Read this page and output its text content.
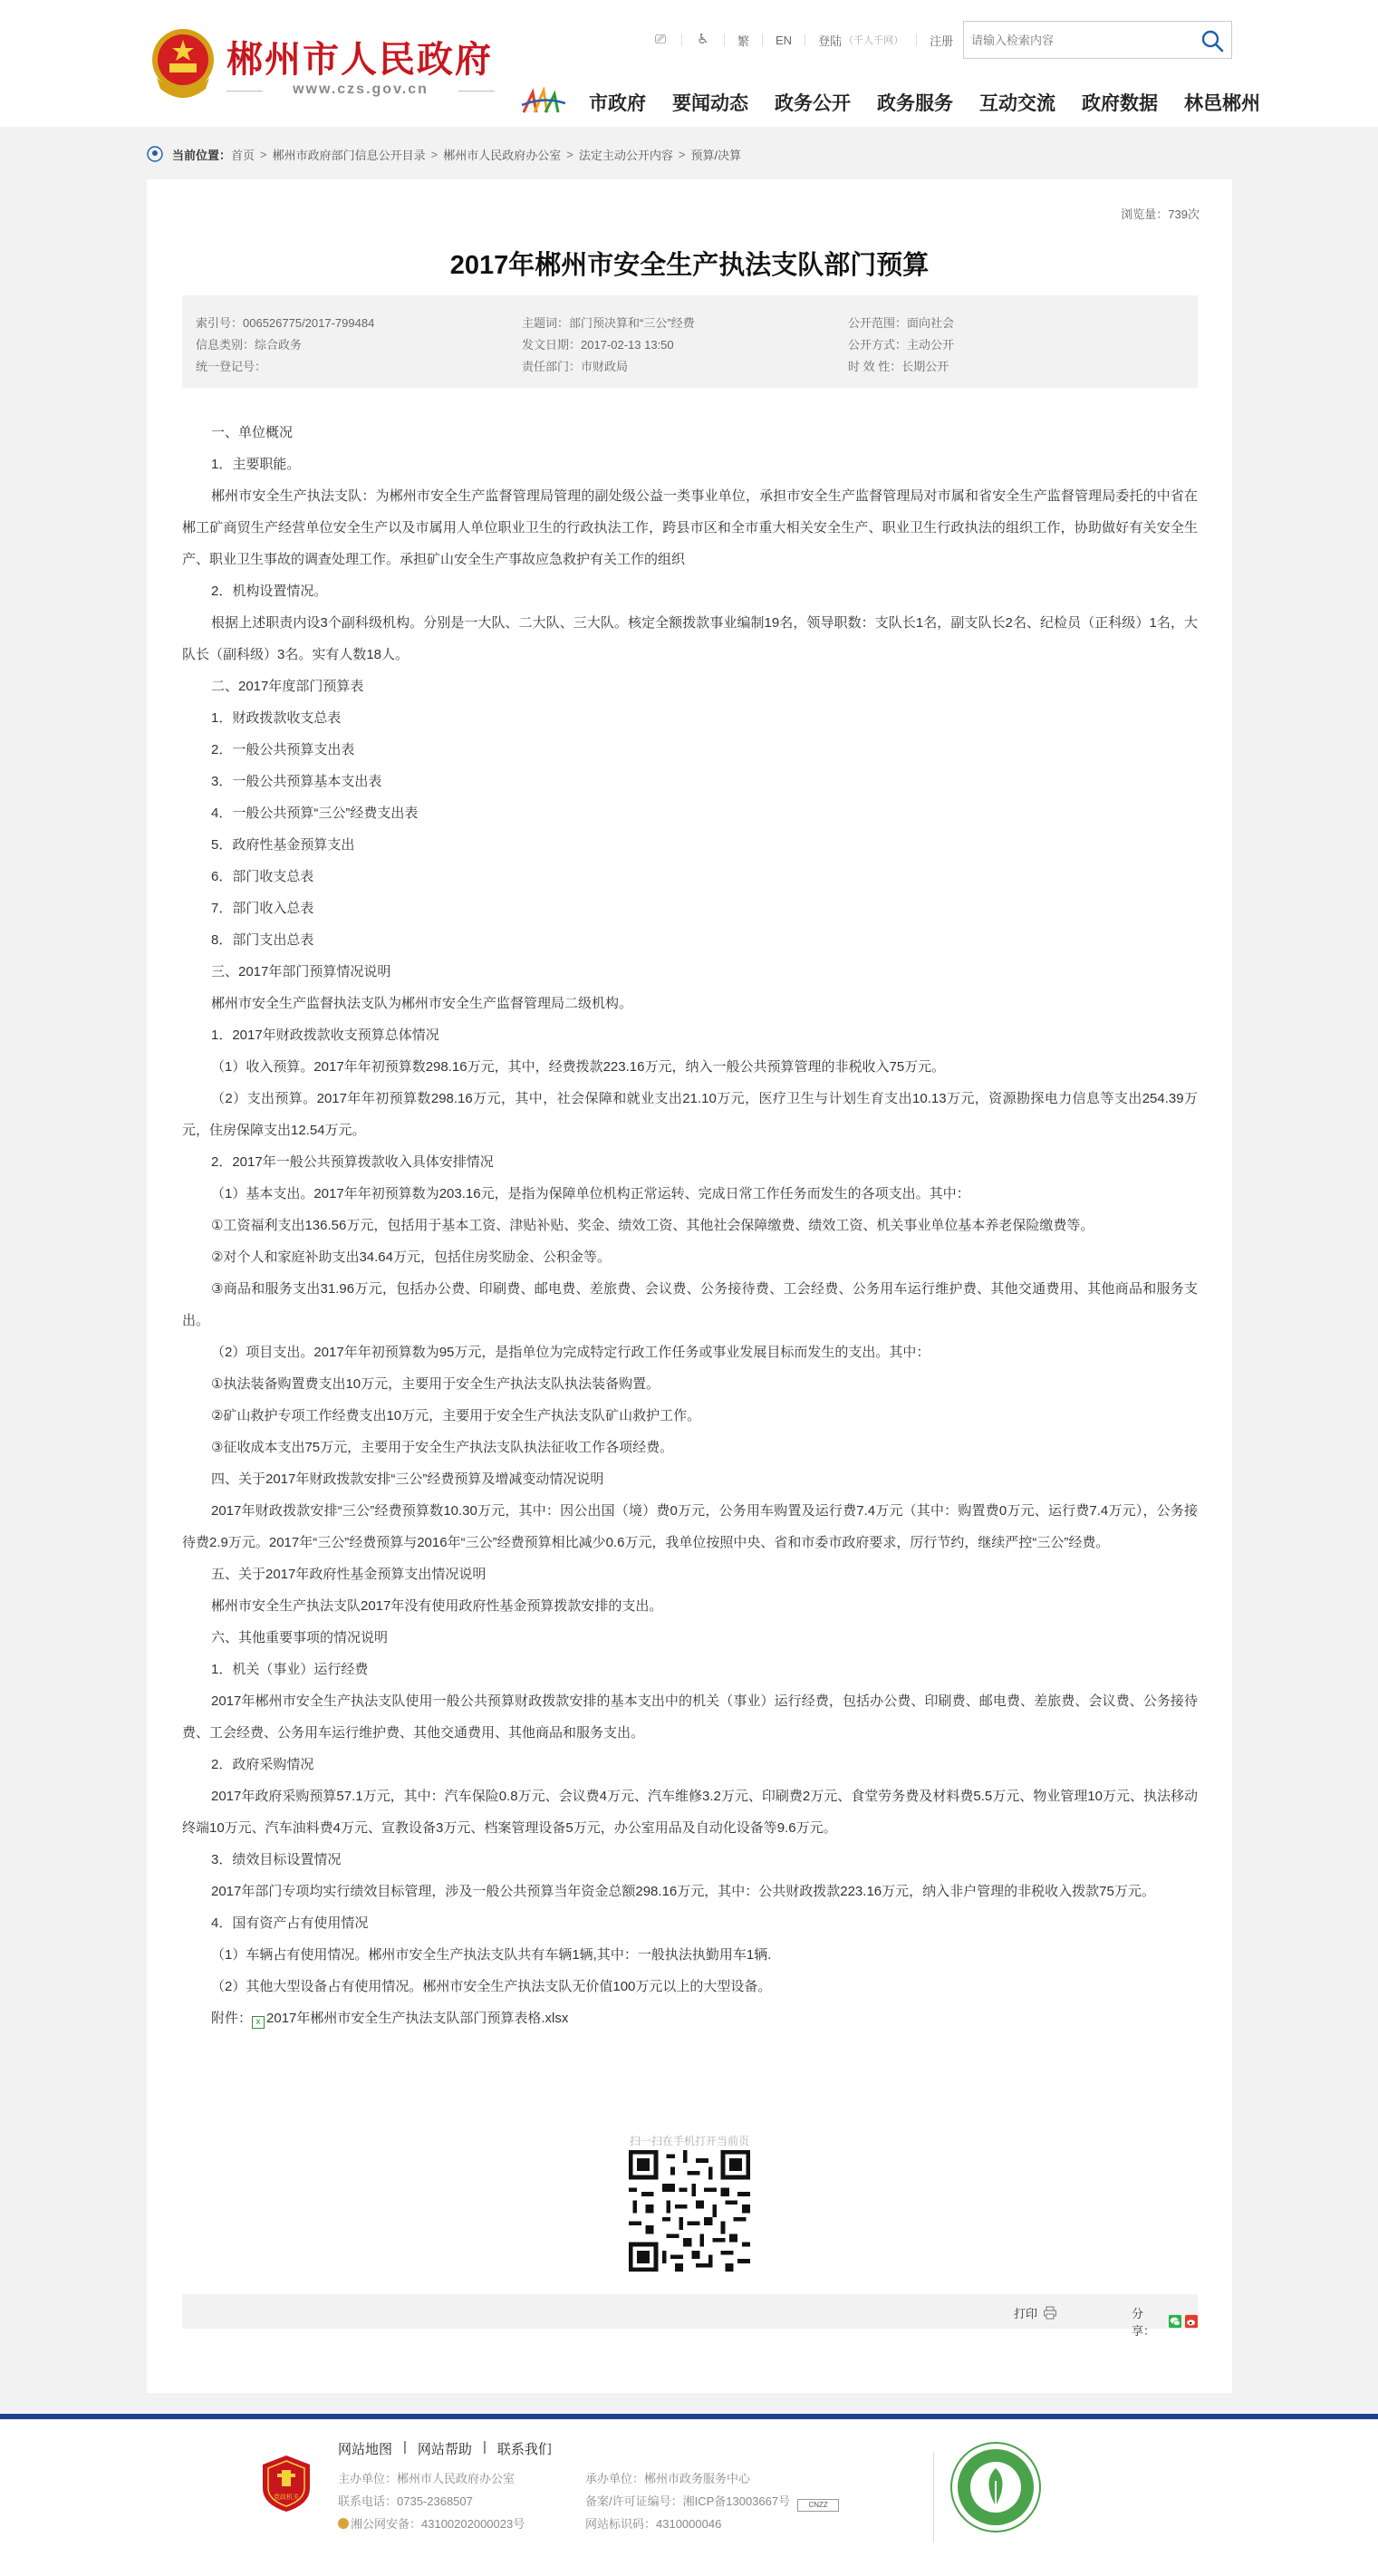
郴州市人民政府
www.czs.gov.cn
⎚ ♿ 繁 EN 登陆 （千人千网） 注册
请输入检索内容
市政府 要闻动态 政务公开 政务服务 互动交流 政府数据 林邑郴州
当前位置： 首页 > 郴州市政府部门信息公开目录 > 郴州市人民政府办公室 > 法定主动公开内容 > 预算/决算
浏览量：739次
2017年郴州市安全生产执法支队部门预算
索引号：006526775/2017-799484	主题词：部门预决算和“三公”经费	公开范围：面向社会
信息类别：综合政务	发文日期：2017-02-13 13:50	公开方式：主动公开
统一登记号：	责任部门：市财政局	时 效 性：长期公开

一、单位概况

1．主要职能。

郴州市安全生产执法支队：为郴州市安全生产监督管理局管理的副处级公益一类事业单位，承担市安全生产监督管理局对市属和省安全生产监督管理局委托的中省在郴工矿商贸生产经营单位安全生产以及市属用人单位职业卫生的行政执法工作，跨县市区和全市重大相关安全生产、职业卫生行政执法的组织工作，协助做好有关安全生产、职业卫生事故的调查处理工作。承担矿山安全生产事故应急救护有关工作的组织

2．机构设置情况。

根据上述职责内设3个副科级机构。分别是一大队、二大队、三大队。核定全额拨款事业编制19名，领导职数：支队长1名，副支队长2名、纪检员（正科级）1名，大队长（副科级）3名。实有人数18人。

二、2017年度部门预算表

1．财政拨款收支总表

2．一般公共预算支出表

3．一般公共预算基本支出表

4．一般公共预算“三公”经费支出表

5．政府性基金预算支出

6．部门收支总表

7．部门收入总表

8．部门支出总表

三、2017年部门预算情况说明

郴州市安全生产监督执法支队为郴州市安全生产监督管理局二级机构。

1．2017年财政拨款收支预算总体情况

（1）收入预算。2017年年初预算数298.16万元，其中，经费拨款223.16万元，纳入一般公共预算管理的非税收入75万元。

（2）支出预算。2017年年初预算数298.16万元，其中，社会保障和就业支出21.10万元，医疗卫生与计划生育支出10.13万元，资源勘探电力信息等支出254.39万元，住房保障支出12.54万元。

2．2017年一般公共预算拨款收入具体安排情况

（1）基本支出。2017年年初预算数为203.16元，是指为保障单位机构正常运转、完成日常工作任务而发生的各项支出。其中：

①工资福利支出136.56万元，包括用于基本工资、津贴补贴、奖金、绩效工资、其他社会保障缴费、绩效工资、机关事业单位基本养老保险缴费等。

②对个人和家庭补助支出34.64万元，包括住房奖励金、公积金等。

③商品和服务支出31.96万元，包括办公费、印刷费、邮电费、差旅费、会议费、公务接待费、工会经费、公务用车运行维护费、其他交通费用、其他商品和服务支出。

（2）项目支出。2017年年初预算数为95万元，是指单位为完成特定行政工作任务或事业发展目标而发生的支出。其中：

①执法装备购置费支出10万元，主要用于安全生产执法支队执法装备购置。

②矿山救护专项工作经费支出10万元，主要用于安全生产执法支队矿山救护工作。

③征收成本支出75万元，主要用于安全生产执法支队执法征收工作各项经费。

四、关于2017年财政拨款安排“三公”经费预算及增减变动情况说明

2017年财政拨款安排“三公”经费预算数10.30万元，其中：因公出国（境）费0万元，公务用车购置及运行费7.4万元（其中：购置费0万元、运行费7.4万元），公务接待费2.9万元。2017年“三公”经费预算与2016年“三公”经费预算相比减少0.6万元，我单位按照中央、省和市委市政府要求，厉行节约，继续严控“三公”经费。

五、关于2017年政府性基金预算支出情况说明

郴州市安全生产执法支队2017年没有使用政府性基金预算拨款安排的支出。

六、其他重要事项的情况说明

1．机关（事业）运行经费

2017年郴州市安全生产执法支队使用一般公共预算财政拨款安排的基本支出中的机关（事业）运行经费，包括办公费、印刷费、邮电费、差旅费、会议费、公务接待费、工会经费、公务用车运行维护费、其他交通费用、其他商品和服务支出。

2．政府采购情况

2017年政府采购预算57.1万元，其中：汽车保险0.8万元、会议费4万元、汽车维修3.2万元、印刷费2万元、食堂劳务费及材料费5.5万元、物业管理10万元、执法移动终端10万元、汽车油料费4万元、宣教设备3万元、档案管理设备5万元，办公室用品及自动化设备等9.6万元。

3．绩效目标设置情况

2017年部门专项均实行绩效目标管理，涉及一般公共预算当年资金总额298.16万元，其中：公共财政拨款223.16万元，纳入非户管理的非税收入拨款75万元。

4．国有资产占有使用情况

（1）车辆占有使用情况。郴州市安全生产执法支队共有车辆1辆,其中：一般执法执勤用车1辆.

（2）其他大型设备占有使用情况。郴州市安全生产执法支队无价值100万元以上的大型设备。

附件： x 2017年郴州市安全生产执法支队部门预算表格.xlsx

扫一扫在手机打开当前页
打印	分享：
党政机关
网站地图 | 网站帮助 | 联系我们
主办单位：郴州市人民政府办公室	承办单位：郴州市政务服务中心
联系电话：0735-2368507	备案/许可证编号：湘ICP备13003667号	CNZZ
湘公网安备：43100202000023号	网站标识码：4310000046
